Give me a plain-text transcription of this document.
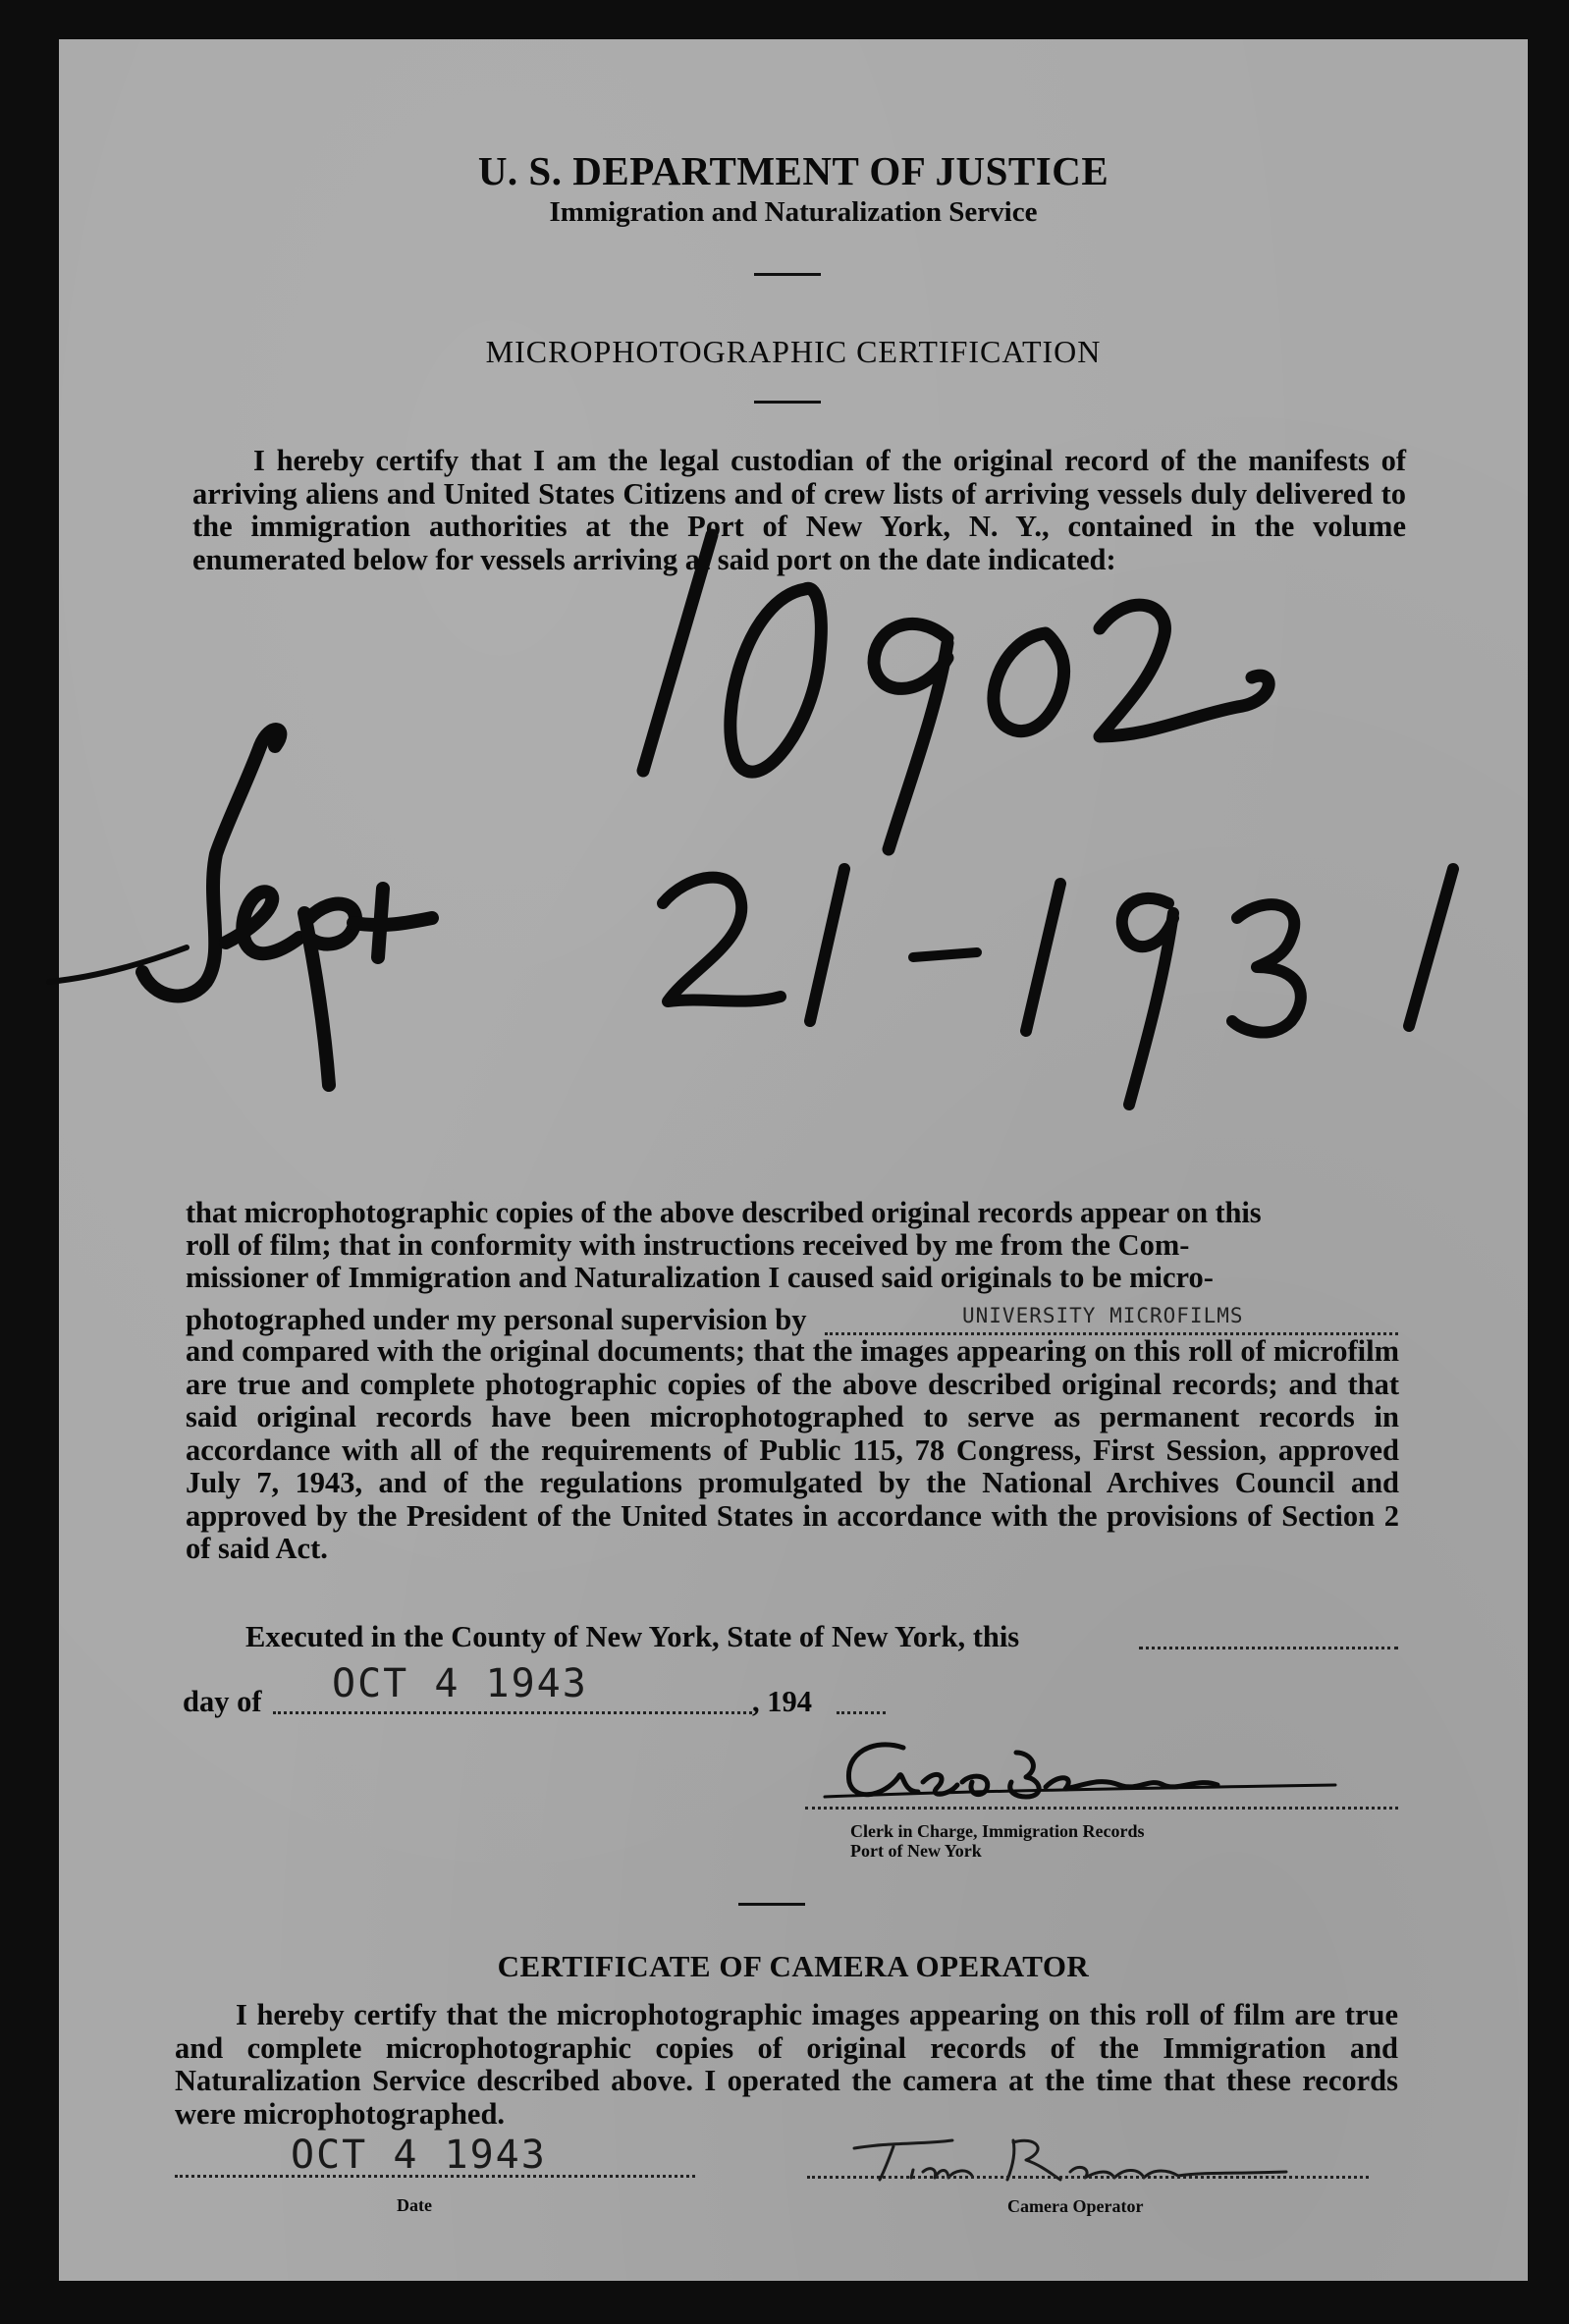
U. S. DEPARTMENT OF JUSTICE
Immigration and Naturalization Service
MICROPHOTOGRAPHIC CERTIFICATION
I hereby certify that I am the legal custodian of the original record of the manifests of arriving aliens and United States Citizens and of crew lists of arriving vessels duly delivered to the immigration authorities at the Port of New York, N. Y., contained in the volume enumerated below for vessels arriving at said port on the date indicated:
that microphotographic copies of the above described original records appear on this
roll of film; that in conformity with instructions received by me from the Com-
missioner of Immigration and Naturalization I caused said originals to be micro-
photographed under my personal supervision by	UNIVERSITY MICROFILMS
and compared with the original documents; that the images appearing on this roll of microfilm are true and complete photographic copies of the above described original records; and that said original records have been microphotographed to serve as permanent records in accordance with all of the requirements of Public 115, 78 Congress, First Session, approved July 7, 1943, and of the regulations promulgated by the National Archives Council and approved by the President of the United States in accordance with the provisions of Section 2 of said Act.
Executed in the County of New York, State of New York, this
day of OCT 4 1943	, 194
Clerk in Charge, Immigration Records
Port of New York
CERTIFICATE OF CAMERA OPERATOR
I hereby certify that the microphotographic images appearing on this roll of film are true and complete microphotographic copies of original records of the Immigration and Naturalization Service described above. I operated the camera at the time that these records were microphotographed.
OCT 4 1943
Date	Camera Operator
